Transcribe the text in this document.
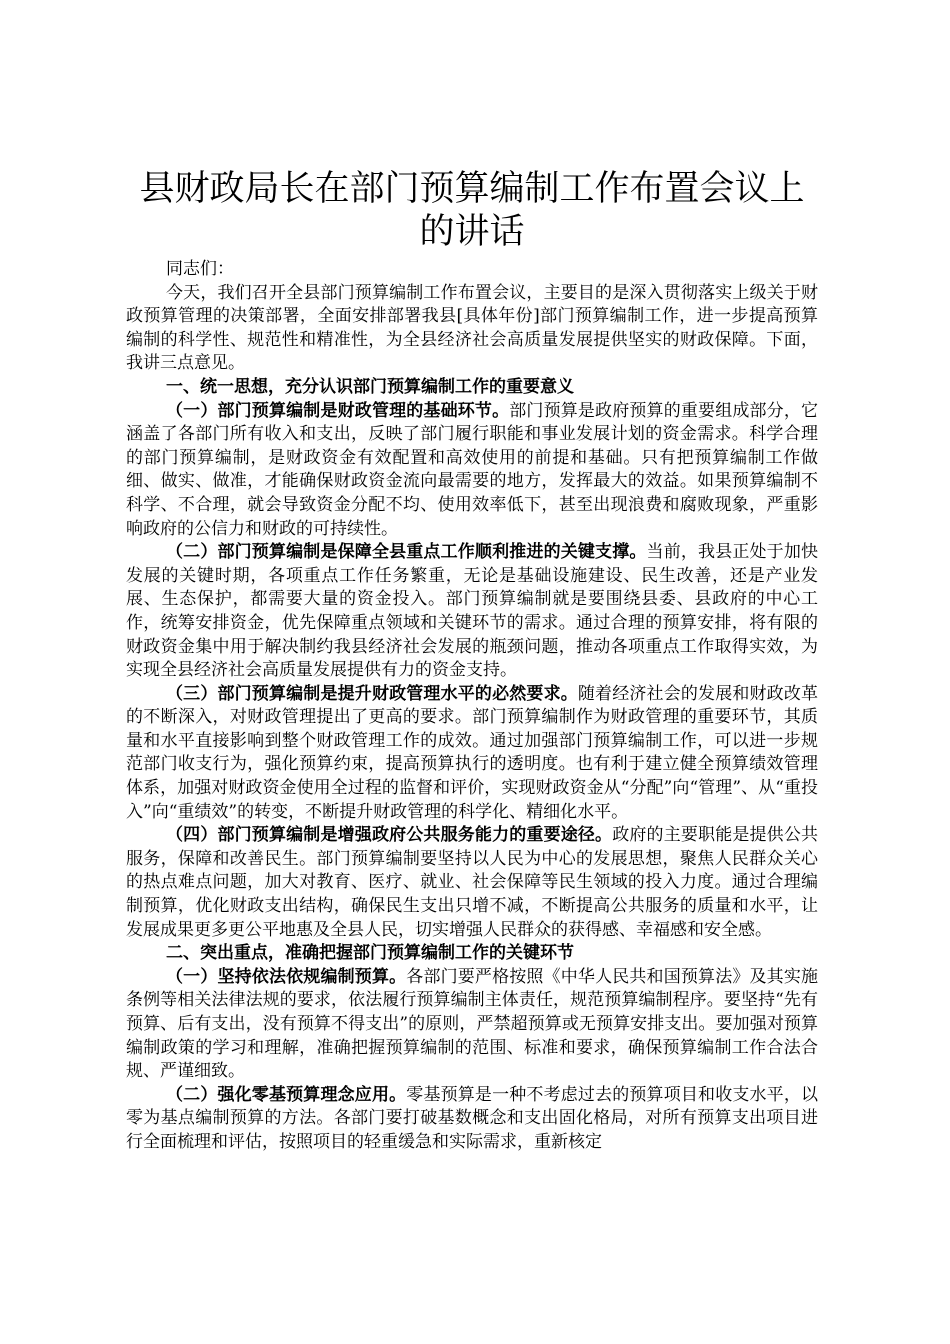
县财政局长在部门预算编制工作布置会议上的讲话

同志们：

今天，我们召开全县部门预算编制工作布置会议，主要目的是深入贯彻落实上级关于财政预算管理的决策部署，全面安排部署我县[具体年份]部门预算编制工作，进一步提高预算编制的科学性、规范性和精准性，为全县经济社会高质量发展提供坚实的财政保障。下面，我讲三点意见。

一、统一思想，充分认识部门预算编制工作的重要意义

（一）部门预算编制是财政管理的基础环节。部门预算是政府预算的重要组成部分，它涵盖了各部门所有收入和支出，反映了部门履行职能和事业发展计划的资金需求。科学合理的部门预算编制，是财政资金有效配置和高效使用的前提和基础。只有把预算编制工作做细、做实、做准，才能确保财政资金流向最需要的地方，发挥最大的效益。如果预算编制不科学、不合理，就会导致资金分配不均、使用效率低下，甚至出现浪费和腐败现象，严重影响政府的公信力和财政的可持续性。

（二）部门预算编制是保障全县重点工作顺利推进的关键支撑。当前，我县正处于加快发展的关键时期，各项重点工作任务繁重，无论是基础设施建设、民生改善，还是产业发展、生态保护，都需要大量的资金投入。部门预算编制就是要围绕县委、县政府的中心工作，统筹安排资金，优先保障重点领域和关键环节的需求。通过合理的预算安排，将有限的财政资金集中用于解决制约我县经济社会发展的瓶颈问题，推动各项重点工作取得实效，为实现全县经济社会高质量发展提供有力的资金支持。

（三）部门预算编制是提升财政管理水平的必然要求。随着经济社会的发展和财政改革的不断深入，对财政管理提出了更高的要求。部门预算编制作为财政管理的重要环节，其质量和水平直接影响到整个财政管理工作的成效。通过加强部门预算编制工作，可以进一步规范部门收支行为，强化预算约束，提高预算执行的透明度。也有利于建立健全预算绩效管理体系，加强对财政资金使用全过程的监督和评价，实现财政资金从“分配”向“管理”、从“重投入”向“重绩效”的转变，不断提升财政管理的科学化、精细化水平。

（四）部门预算编制是增强政府公共服务能力的重要途径。政府的主要职能是提供公共服务，保障和改善民生。部门预算编制要坚持以人民为中心的发展思想，聚焦人民群众关心的热点难点问题，加大对教育、医疗、就业、社会保障等民生领域的投入力度。通过合理编制预算，优化财政支出结构，确保民生支出只增不减，不断提高公共服务的质量和水平，让发展成果更多更公平地惠及全县人民，切实增强人民群众的获得感、幸福感和安全感。

二、突出重点，准确把握部门预算编制工作的关键环节

（一）坚持依法依规编制预算。各部门要严格按照《中华人民共和国预算法》及其实施条例等相关法律法规的要求，依法履行预算编制主体责任，规范预算编制程序。要坚持“先有预算、后有支出，没有预算不得支出”的原则，严禁超预算或无预算安排支出。要加强对预算编制政策的学习和理解，准确把握预算编制的范围、标准和要求，确保预算编制工作合法合规、严谨细致。

（二）强化零基预算理念应用。零基预算是一种不考虑过去的预算项目和收支水平，以零为基点编制预算的方法。各部门要打破基数概念和支出固化格局，对所有预算支出项目进行全面梳理和评估，按照项目的轻重缓急和实际需求，重新核定
